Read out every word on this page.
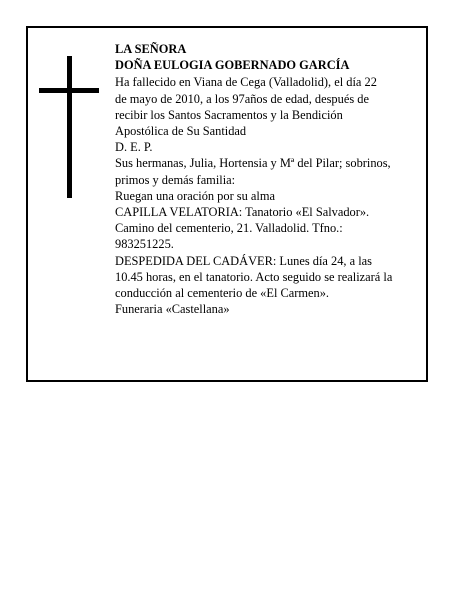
LA SEÑORA
DOÑA EULOGIA GOBERNADO GARCÍA
Ha fallecido en Viana de Cega (Valladolid), el día 22
de mayo de 2010, a los 97años de edad, después de
recibir los Santos Sacramentos y la Bendición
Apostólica de Su Santidad
D. E. P.
Sus hermanas, Julia, Hortensia y Mª del Pilar; sobrinos,
primos y demás familia:
Ruegan una oración por su alma
CAPILLA VELATORIA: Tanatorio «El Salvador».
Camino del cementerio, 21. Valladolid. Tfno.:
983251225.
DESPEDIDA DEL CADÁVER: Lunes día 24, a las
10.45 horas, en el tanatorio. Acto seguido se realizará la
conducción al cementerio de «El Carmen».
Funeraria «Castellana»
